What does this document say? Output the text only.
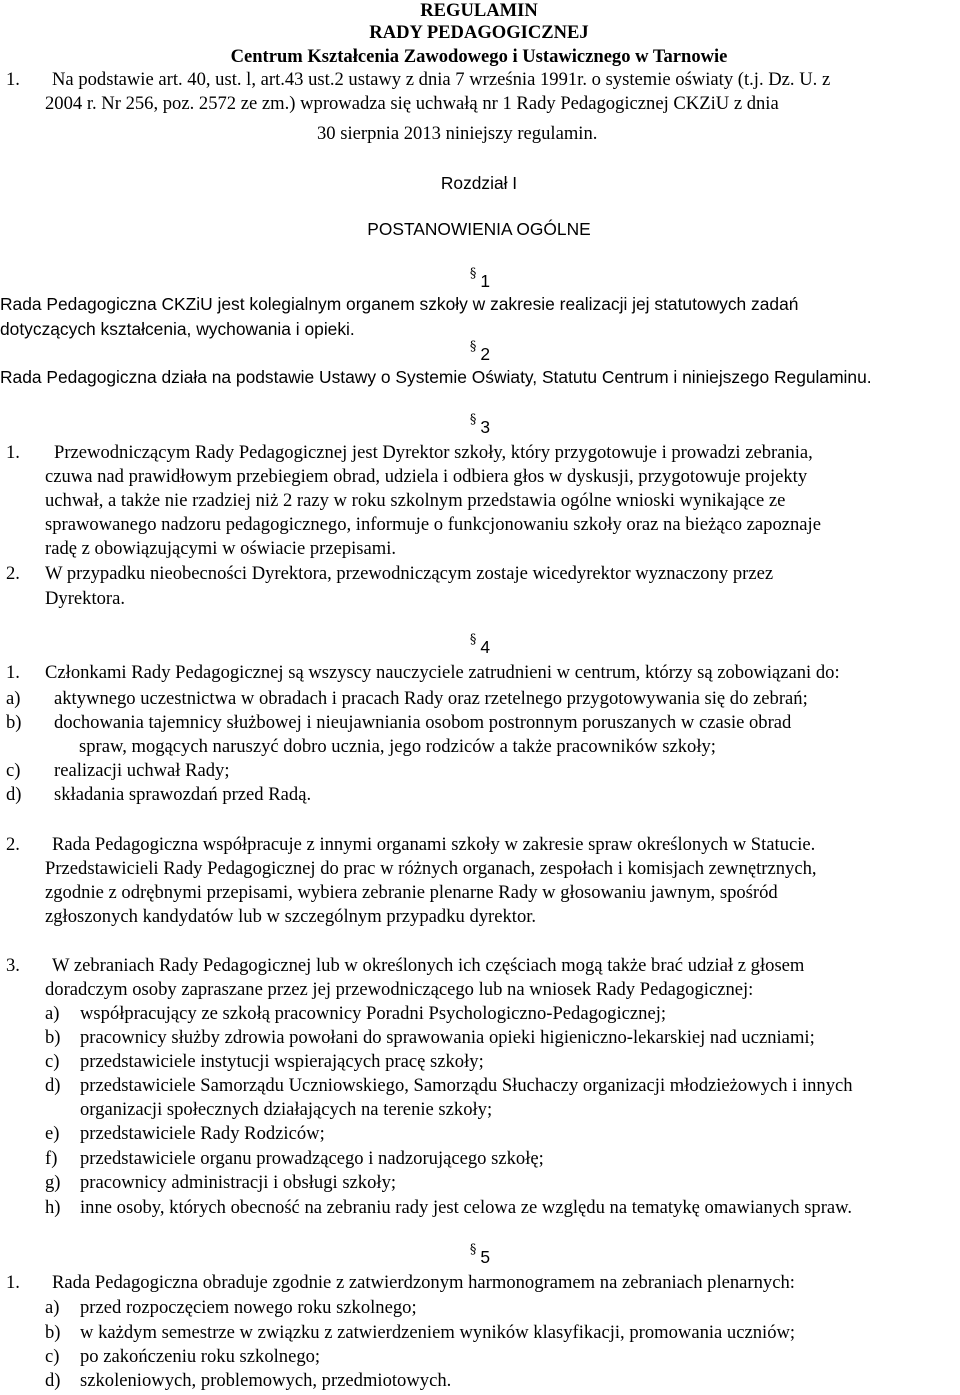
REGULAMIN
RADY PEDAGOGICZNEJ
Centrum Kształcenia Zawodowego i Ustawicznego w Tarnowie
1. Na podstawie art. 40, ust. l, art.43 ust.2 ustawy z dnia 7 września 1991r. o systemie oświaty (t.j. Dz. U. z
2004 r. Nr 256, poz. 2572 ze zm.) wprowadza się uchwałą nr 1 Rady Pedagogicznej CKZiU z dnia
30 sierpnia 2013 niniejszy regulamin.
Rozdział I
POSTANOWIENIA OGÓLNE
§ 1
Rada Pedagogiczna CKZiU jest kolegialnym organem szkoły w zakresie realizacji jej statutowych zadań
dotyczących kształcenia, wychowania i opieki.
§ 2
Rada Pedagogiczna działa na podstawie Ustawy o Systemie Oświaty, Statutu Centrum i niniejszego Regulaminu.
§ 3
1. Przewodniczącym Rady Pedagogicznej jest Dyrektor szkoły, który przygotowuje i prowadzi zebrania,
czuwa nad prawidłowym przebiegiem obrad, udziela i odbiera głos w dyskusji, przygotowuje projekty
uchwał, a także nie rzadziej niż 2 razy w roku szkolnym przedstawia ogólne wnioski wynikające ze
sprawowanego nadzoru pedagogicznego, informuje o funkcjonowaniu szkoły oraz na bieżąco zapoznaje
radę z obowiązującymi w oświacie przepisami.
2. W przypadku nieobecności Dyrektora, przewodniczącym zostaje wicedyrektor wyznaczony przez
Dyrektora.
§ 4
1. Członkami Rady Pedagogicznej są wszyscy nauczyciele zatrudnieni w centrum, którzy są zobowiązani do:
a) aktywnego uczestnictwa w obradach i pracach Rady oraz rzetelnego przygotowywania się do zebrań;
b) dochowania tajemnicy służbowej i nieujawniania osobom postronnym poruszanych w czasie obrad
spraw, mogących naruszyć dobro ucznia, jego rodziców a także pracowników szkoły;
c) realizacji uchwał Rady;
d) składania sprawozdań przed Radą.
2. Rada Pedagogiczna współpracuje z innymi organami szkoły w zakresie spraw określonych w Statucie.
Przedstawicieli Rady Pedagogicznej do prac w różnych organach, zespołach i komisjach zewnętrznych,
zgodnie z odrębnymi przepisami, wybiera zebranie plenarne Rady w głosowaniu jawnym, spośród
zgłoszonych kandydatów lub w szczególnym przypadku dyrektor.
3. W zebraniach Rady Pedagogicznej lub w określonych ich częściach mogą także brać udział z głosem
doradczym osoby zapraszane przez jej przewodniczącego lub na wniosek Rady Pedagogicznej:
a) współpracujący ze szkołą pracownicy Poradni Psychologiczno-Pedagogicznej;
b) pracownicy służby zdrowia powołani do sprawowania opieki higieniczno-lekarskiej nad uczniami;
c) przedstawiciele instytucji wspierających pracę szkoły;
d) przedstawiciele Samorządu Uczniowskiego, Samorządu Słuchaczy organizacji młodzieżowych i innych
organizacji społecznych działających na terenie szkoły;
e) przedstawiciele Rady Rodziców;
f) przedstawiciele organu prowadzącego i nadzorującego szkołę;
g) pracownicy administracji i obsługi szkoły;
h) inne osoby, których obecność na zebraniu rady jest celowa ze względu na tematykę omawianych spraw.
§ 5
1. Rada Pedagogiczna obraduje zgodnie z zatwierdzonym harmonogramem na zebraniach plenarnych:
a) przed rozpoczęciem nowego roku szkolnego;
b) w każdym semestrze w związku z zatwierdzeniem wyników klasyfikacji, promowania uczniów;
c) po zakończeniu roku szkolnego;
d) szkoleniowych, problemowych, przedmiotowych.
